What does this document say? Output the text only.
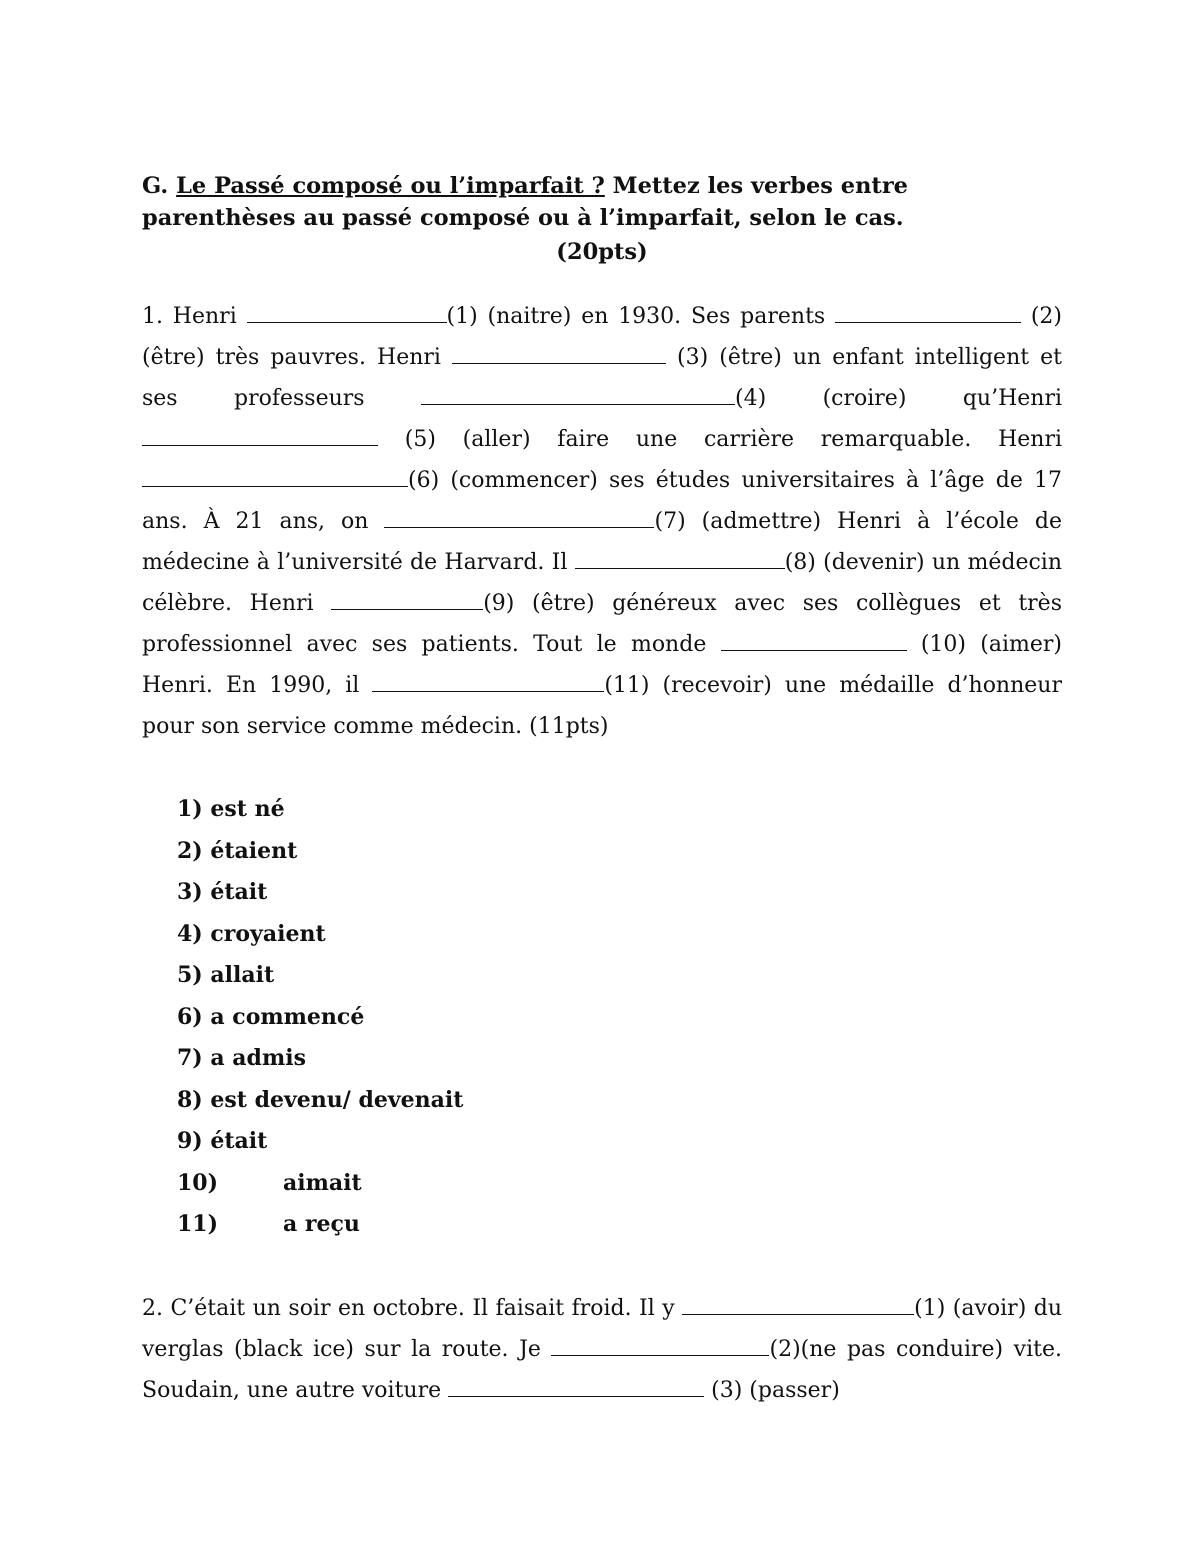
G. Le Passé composé ou l’imparfait ? Mettez les verbes entre
parenthèses au passé composé ou à l’imparfait, selon le cas.
(20pts)

1. Henri	(1) (naitre) en 1930. Ses parents	(2) (être) très pauvres. Henri	(3) (être) un enfant intelligent et ses professeurs	(4) (croire) qu’Henri  (5) (aller) faire une carrière remarquable. Henri (6) (commencer) ses études universitaires à l’âge de 17 ans. À 21 ans, on	(7) (admettre) Henri à l’école de médecine à l’université de Harvard. Il	(8) (devenir) un médecin célèbre. Henri	(9) (être) généreux avec ses collègues et très professionnel avec ses patients. Tout le monde	(10) (aimer) Henri. En 1990, il	(11) (recevoir) une médaille d’honneur pour son service comme médecin. (11pts)

1) est né
2) étaient
3) était
4) croyaient
5) allait
6) a commencé
7) a admis
8) est devenu/ devenait
9) était
10)	aimait
11)	a reçu

2. C’était un soir en octobre. Il faisait froid. Il y	(1) (avoir) du verglas (black ice) sur la route. Je	(2)(ne pas conduire) vite. Soudain, une autre voiture	(3) (passer)
